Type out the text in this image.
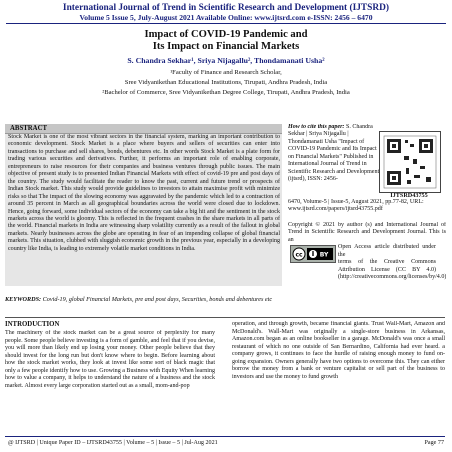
International Journal of Trend in Scientific Research and Development (IJTSRD)
Volume 5 Issue 5, July-August 2021 Available Online: www.ijtsrd.com e-ISSN: 2456 – 6470
Impact of COVID-19 Pandemic and
Its Impact on Financial Markets
S. Chandra Sekhar¹, Sriya Nijagallu², Thondamanati Usha²
¹Faculty of Finance and Research Scholar,
Sree Vidyanikethan Educational Institutions, Tirupati, Andhra Pradesh, India
²Bachelor of Commerce, Sree Vidyanikethan Degree College, Tirupati, Andhra Pradesh, India
ABSTRACT
Stock Market is one of the most vibrant sectors in the financial system, marking an important contribution to economic development. Stock Market is a place where buyers and sellers of securities can enter into transactions to purchase and sell shares, bonds, debentures etc. In other words Stock Market is a plate form for trading various securities and derivatives. Further, it performs an important role of enabling corporate, entrepreneurs to raise resources for their companies and business ventures through public issues. The main objective of present study is to presented Indian Financial Markets with effect of covid-19 pre and post days of the country. The study would facilitate the reader to know the past, current and future trend or prospects of Indian Stock market. This study would provide guidelines to investors to attain maximise profit with minimize risks so that The impact of the slowing economy was aggravated by the pandemic which led to a contraction of around 35 percent in March as all geographical boundaries across the world were closed due to lockdown. Hence, going forward, some individual sectors of the economy can take a big hit and the sentiment in the stock markets across the world is gloomy. This is reflected in the frequent crashes in the share markets in all parts of the world. Financial markets in India are witnessing sharp volatility currently as a result of the fallout in global markets. Nearly businesses across the globe are operating in fear of an impending collapse of global financial markets. This situation, clubbed with sluggish economic growth in the previous year, especially in a developing country like India, is leading to extremely volatile market conditions in India.
How to cite this paper: S. Chandra Sekhar | Sriya Nijagallu | Thondamanati Usha "Impact of COVID-19 Pandemic and Its Impact on Financial Markets" Published in International Journal of Trend in Scientific Research and Development (ijtsrd), ISSN: 2456-
IJTSRD43755
6470, Volume-5 | Issue-5, August 2021, pp.77-82, URL: www.ijtsrd.com/papers/ijtsrd43755.pdf
Copyright © 2021 by author (s) and International Journal of Trend in Scientific Research and Development Journal. This is an
Open Access article distributed under the
terms of the Creative Commons Attribution License (CC BY 4.0) (http://creativecommons.org/licenses/by/4.0)
cc	BY
KEYWORDS: Covid-19, global Financial Markets, pre and post days, Securities, bonds and debentures etc
INTRODUCTION
The machinery of the stock market can be a great source of perplexity for many people. Some people believe investing is a form of gamble, and feel that if you devise, you will more than likely end up losing your money. Other people believe that they should invest for the long run but don't know where to begin. Before learning about how the stock market works, they look at invest like some sort of black magic that only a few people identify how to use. Growing a Business with Equity When learning how to value a company, it helps to understand the nature of a business and the stock market. Almost every large corporation started out as a small, mom-and-pop
operation, and through growth, became financial giants. Trust Wall-Mart, Amazon and McDonald's. Wall-Mart was originally a single-store business in Arkansas, Amazon.com began as an online bookseller in a garage. McDonald's was once a small restaurant of which no one outside of San Bernardino, California had ever heard. a company grows, it continues to face the hurdle of raising enough money to fund on-going expansion. Owners generally have two options to overcome this. They can either borrow the money from a bank or venture capitalist or sell part of the business to investors and use the money to fund growth
@ IJTSRD | Unique Paper ID – IJTSRD43755 | Volume – 5 | Issue – 5 | Jul-Aug 2021	Page 77
